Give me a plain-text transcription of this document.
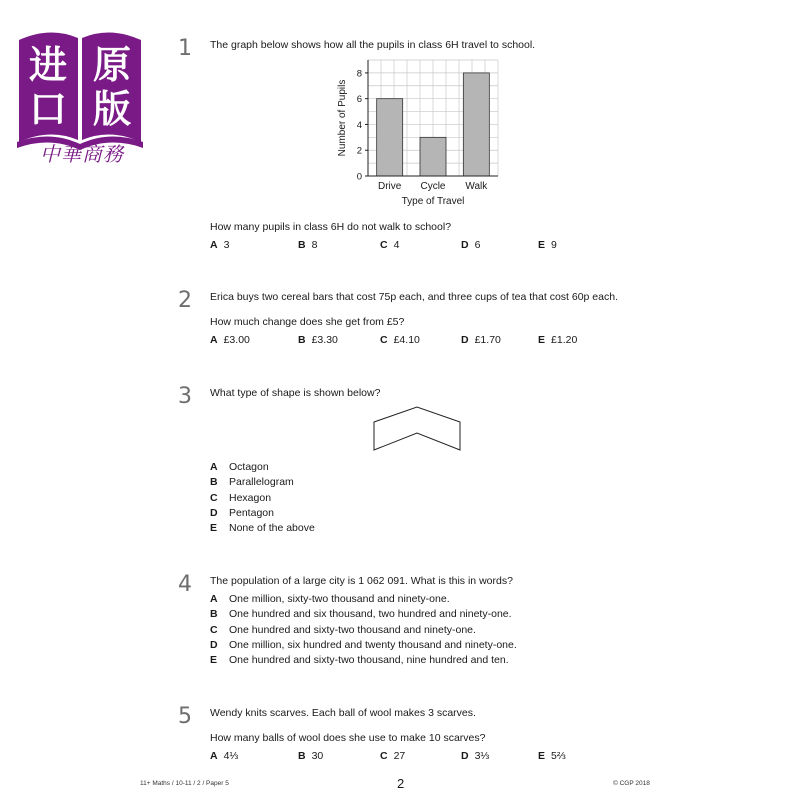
进 原
口 版
中華商務
1 The graph below shows how all the pupils in class 6H travel to school.
Drive Cycle Walk
0
2
4
6
8
Type of Travel
Number of Pupils
How many pupils in class 6H do not walk to school?
A 3	B 8	C 4	D 6	E 9
2 Erica buys two cereal bars that cost 75p each, and three cups of tea that cost 60p each.
How much change does she get from £5?
A £3.00	B £3.30	C £4.10	D £1.70	E £1.20
3 What type of shape is shown below?
A Octagon
B Parallelogram
C Hexagon
D Pentagon
E None of the above
4 The population of a large city is 1 062 091. What is this in words?
A One million, sixty-two thousand and ninety-one.
B One hundred and six thousand, two hundred and ninety-one.
C One hundred and sixty-two thousand and ninety-one.
D One million, six hundred and twenty thousand and ninety-one.
E One hundred and sixty-two thousand, nine hundred and ten.
5 Wendy knits scarves. Each ball of wool makes 3 scarves.
How many balls of wool does she use to make 10 scarves?
A 4⅓	B 30	C 27	D 3⅓	E 5⅔
11+ Maths / 10-11 / 2 / Paper 5	2	© CGP 2018
